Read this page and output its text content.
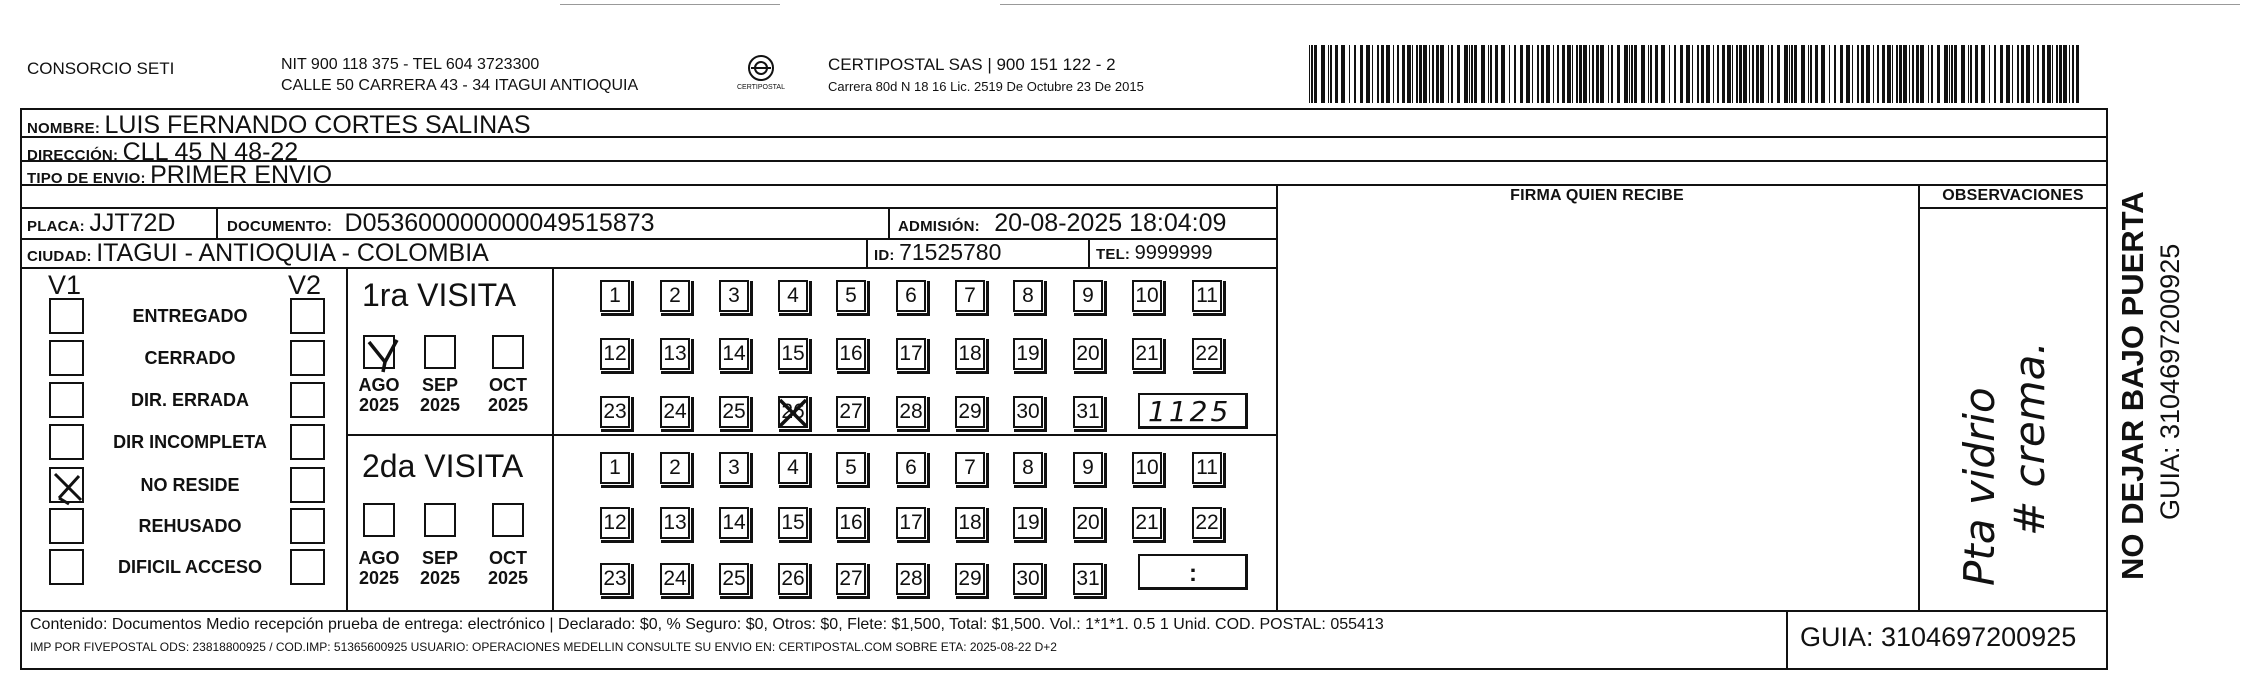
CONSORCIO SETI	NIT 900 118 375 - TEL 604 3723300
CALLE 50 CARRERA 43 - 34 ITAGUI ANTIOQUIA	CERTIPOSTAL
CERTIPOSTAL SAS | 900 151 122 - 2
Carrera 80d N 18 16 Lic. 2519 De Octubre 23 De 2015
NOMBRE: LUIS FERNANDO CORTES SALINAS
DIRECCIÓN: CLL 45 N 48-22
TIPO DE ENVIO: PRIMER ENVIO
FIRMA QUIEN RECIBE	OBSERVACIONES
PLACA: JJT72D	DOCUMENTO: D053600000000049515873	ADMISIÓN: 20-08-2025 18:04:09
CIUDAD: ITAGUI - ANTIOQUIA - COLOMBIA	ID: 71525780	TEL: 9999999
V1	V2
ENTREGADO
CERRADO
DIR. ERRADA
DIR INCOMPLETA
NO RESIDE
REHUSADO
DIFICIL ACCESO
1ra VISITA
2da VISITA
AGO
2025
SEP
2025
OCT
2025
AGO
2025
SEP
2025
OCT
2025
1	2	3	4	5	6	7	8	9	10 11
12 13 14 15 16 17 18 19 20 21 22
23 24 25 26 27 28 29 30 31
1	2	3	4	5	6	7	8	9	10 11
12 13 14 15 16 17 18 19 20 21 22
23 24 25 26 27 28 29 30 31
1125
:	Pta vidrio # crema. NO DEJAR BAJO PUERTA GUIA: 3104697200925
Contenido: Documentos Medio recepción prueba de entrega: electrónico | Declarado: $0, % Seguro: $0, Otros: $0, Flete: $1,500, Total: $1,500. Vol.: 1*1*1. 0.5 1 Unid. COD. POSTAL: 055413
IMP POR FIVEPOSTAL ODS: 23818800925 / COD.IMP: 51365600925 USUARIO: OPERACIONES MEDELLIN CONSULTE SU ENVIO EN: CERTIPOSTAL.COM SOBRE ETA: 2025-08-22 D+2	GUIA: 3104697200925
